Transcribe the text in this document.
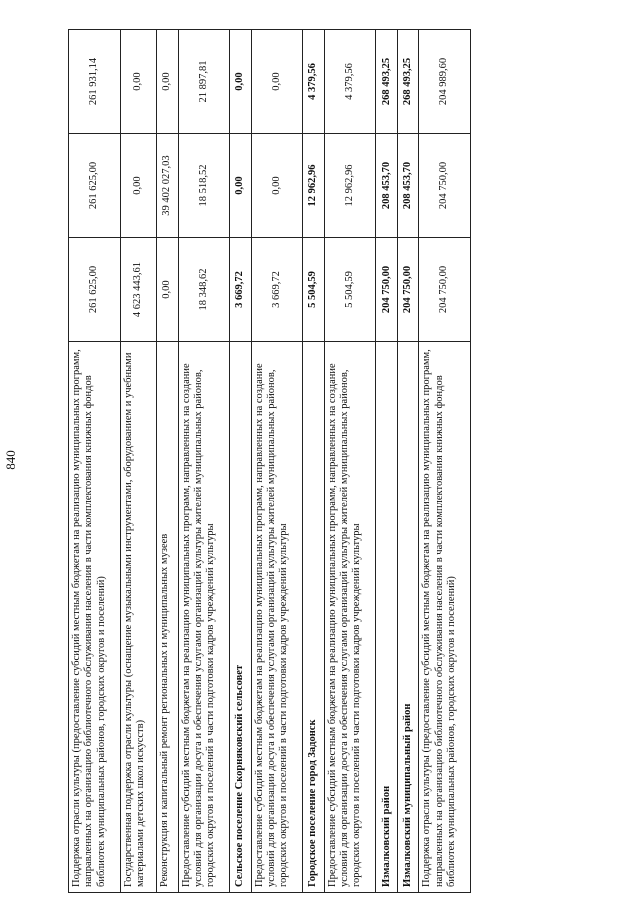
840	Поддержка отрасли культуры (предоставление субсидий местным бюджетам на реализацию муниципальных программ, направленных на организацию библиотечного обслуживания населения в части комплектования книжных фондов библиотек муниципальных районов, городских округов и поселений)	261 625,00	261 625,00	261 931,14
Государственная поддержка отрасли культуры (оснащение музыкальными инструментами, оборудованием и учебными материалами детских школ искусств)	4 623 443,61	0,00	0,00
Реконструкция и капитальный ремонт региональных и муниципальных музеев	0,00	39 402 027,03	0,00
Предоставление субсидий местным бюджетам на реализацию муниципальных программ, направленных на создание условий для организации досуга и обеспечения услугами организаций культуры жителей муниципальных районов, городских округов и поселений в части подготовки кадров учреждений культуры	18 348,62	18 518,52	21 897,81
Сельское поселение Скорняковский сельсовет	3 669,72	0,00	0,00
Предоставление субсидий местным бюджетам на реализацию муниципальных программ, направленных на создание условий для организации досуга и обеспечения услугами организаций культуры жителей муниципальных районов, городских округов и поселений в части подготовки кадров учреждений культуры	3 669,72	0,00	0,00
Городское поселение город Задонск	5 504,59	12 962,96	4 379,56
Предоставление субсидий местным бюджетам на реализацию муниципальных программ, направленных на создание условий для организации досуга и обеспечения услугами организаций культуры жителей муниципальных районов, городских округов и поселений в части подготовки кадров учреждений культуры	5 504,59	12 962,96	4 379,56
Измалковский район	204 750,00	208 453,70	268 493,25
Измалковский муниципальный район	204 750,00	208 453,70	268 493,25
Поддержка отрасли культуры (предоставление субсидий местным бюджетам на реализацию муниципальных программ, направленных на организацию библиотечного обслуживания населения в части комплектования книжных фондов библиотек муниципальных районов, городских округов и поселений)	204 750,00	204 750,00	204 989,60
